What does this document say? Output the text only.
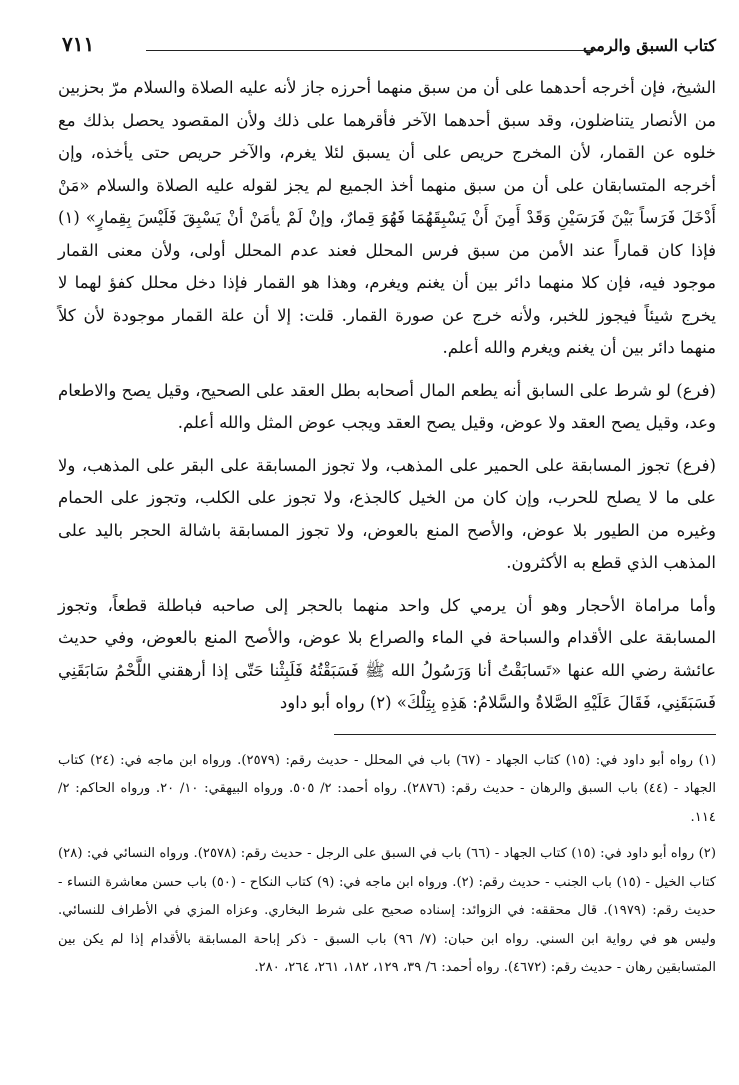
كتاب السبق والرمي
٧١١

الشيخ، فإن أخرجه أحدهما على أن من سبق منهما أحرزه جاز لأنه عليه الصلاة والسلام مرّ بحزبين من الأنصار يتناضلون، وقد سبق أحدهما الآخر فأقرهما على ذلك ولأن المقصود يحصل بذلك مع خلوه عن القمار، لأن المخرج حريص على أن يسبق لئلا يغرم، والآخر حريص حتى يأخذه، وإن أخرجه المتسابقان على أن من سبق منهما أخذ الجميع لم يجز لقوله عليه الصلاة والسلام «مَنْ أَدْخَلَ فَرَساً بَيْنَ فَرَسَيْنِ وَقَدْ أَمِنَ أَنْ يَسْبِقَهُمَا فَهُوَ قِمارٌ، وإنْ لَمْ يأمَنْ أنْ يَسْبِقَ فَلَيْسَ بِقِمارٍ» (١) فإذا كان قماراً عند الأمن من سبق فرس المحلل فعند عدم المحلل أولى، ولأن معنى القمار موجود فيه، فإن كلا منهما دائر بين أن يغنم ويغرم، وهذا هو القمار فإذا دخل محلل كفؤ لهما لا يخرج شيئاً فيجوز للخبر، ولأنه خرج عن صورة القمار. قلت: إلا أن علة القمار موجودة لأن كلاً منهما دائر بين أن يغنم ويغرم والله أعلم.

(فرع) لو شرط على السابق أنه يطعم المال أصحابه بطل العقد على الصحيح، وقيل يصح والاطعام وعد، وقيل يصح العقد ولا عوض، وقيل يصح العقد ويجب عوض المثل والله أعلم.

(فرع) تجوز المسابقة على الحمير على المذهب، ولا تجوز المسابقة على البقر على المذهب، ولا على ما لا يصلح للحرب، وإن كان من الخيل كالجذع، ولا تجوز على الكلب، وتجوز على الحمام وغيره من الطيور بلا عوض، والأصح المنع بالعوض، ولا تجوز المسابقة باشالة الحجر باليد على المذهب الذي قطع به الأكثرون.

وأما مراماة الأحجار وهو أن يرمي كل واحد منهما بالحجر إلى صاحبه فباطلة قطعاً، وتجوز المسابقة على الأقدام والسباحة في الماء والصراع بلا عوض، والأصح المنع بالعوض، وفي حديث عائشة رضي الله عنها «تَسابَقْتُ أنا وَرَسُولُ الله ﷺ فَسَبَقْتُهُ فَلَبِثْنا حَتّى إذا أرهقني اللَّحْمُ سَابَقَنِي فَسَبَقَنِي، فَقَالَ عَلَيْهِ الصَّلاةُ والسَّلامُ: هَذِهِ بِتِلْكَ» (٢) رواه أبو داود

(١) رواه أبو داود في: (١٥) كتاب الجهاد - (٦٧) باب في المحلل - حديث رقم: (٢٥٧٩). ورواه ابن ماجه في: (٢٤) كتاب الجهاد - (٤٤) باب السبق والرهان - حديث رقم: (٢٨٧٦). رواه أحمد: ٢/ ٥٠٥. ورواه البيهقي: ١٠/ ٢٠. ورواه الحاكم: ٢/ ١١٤.

(٢) رواه أبو داود في: (١٥) كتاب الجهاد - (٦٦) باب في السبق على الرجل - حديث رقم: (٢٥٧٨). ورواه النسائي في: (٢٨) كتاب الخيل - (١٥) باب الجنب - حديث رقم: (٢). ورواه ابن ماجه في: (٩) كتاب النكاح - (٥٠) باب حسن معاشرة النساء - حديث رقم: (١٩٧٩). قال محققه: في الزوائد: إسناده صحيح على شرط البخاري. وعزاه المزي في الأطراف للنسائي. وليس هو في رواية ابن السني. رواه ابن حبان: (٧/ ٩٦) باب السبق - ذكر إباحة المسابقة بالأقدام إذا لم يكن بين المتسابقين رهان - حديث رقم: (٤٦٧٢). رواه أحمد: ٦/ ٣٩، ١٢٩، ١٨٢، ٢٦١، ٢٦٤، ٢٨٠.
